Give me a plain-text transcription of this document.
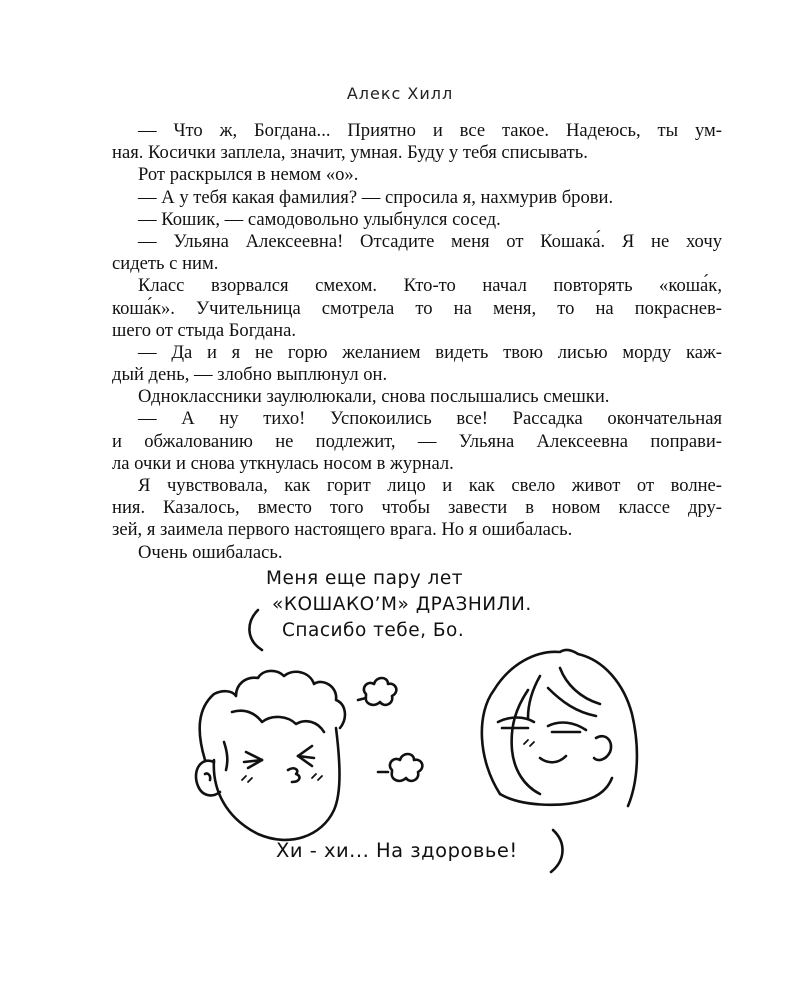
Алекс Хилл
— Что ж, Богдана... Приятно и все такое. Надеюсь, ты ум-
ная. Косички заплела, значит, умная. Буду у тебя списывать.
Рот раскрылся в немом «о».
— А у тебя какая фамилия? — спросила я, нахмурив брови.
— Кошик, — самодовольно улыбнулся сосед.
— Ульяна Алексеевна! Отсадите меня от Кошака́. Я не хочу
сидеть с ним.
Класс взорвался смехом. Кто-то начал повторять «коша́к,
коша́к». Учительница смотрела то на меня, то на покраснев-
шего от стыда Богдана.
— Да и я не горю желанием видеть твою лисью морду каж-
дый день, — злобно выплюнул он.
Одноклассники заулюлюкали, снова послышались смешки.
— А ну тихо! Успокоились все! Рассадка окончательная
и обжалованию не подлежит, — Ульяна Алексеевна поправи-
ла очки и снова уткнулась носом в журнал.
Я чувствовала, как горит лицо и как свело живот от волне-
ния. Казалось, вместо того чтобы завести в новом классе дру-
зей, я заимела первого настоящего врага. Но я ошибалась.
Очень ошибалась.
Меня еще пару лет
«КОШАКО’М» ДРАЗНИЛИ.
Спасибо тебе, Бо.
Хи - хи... На здоровье!
